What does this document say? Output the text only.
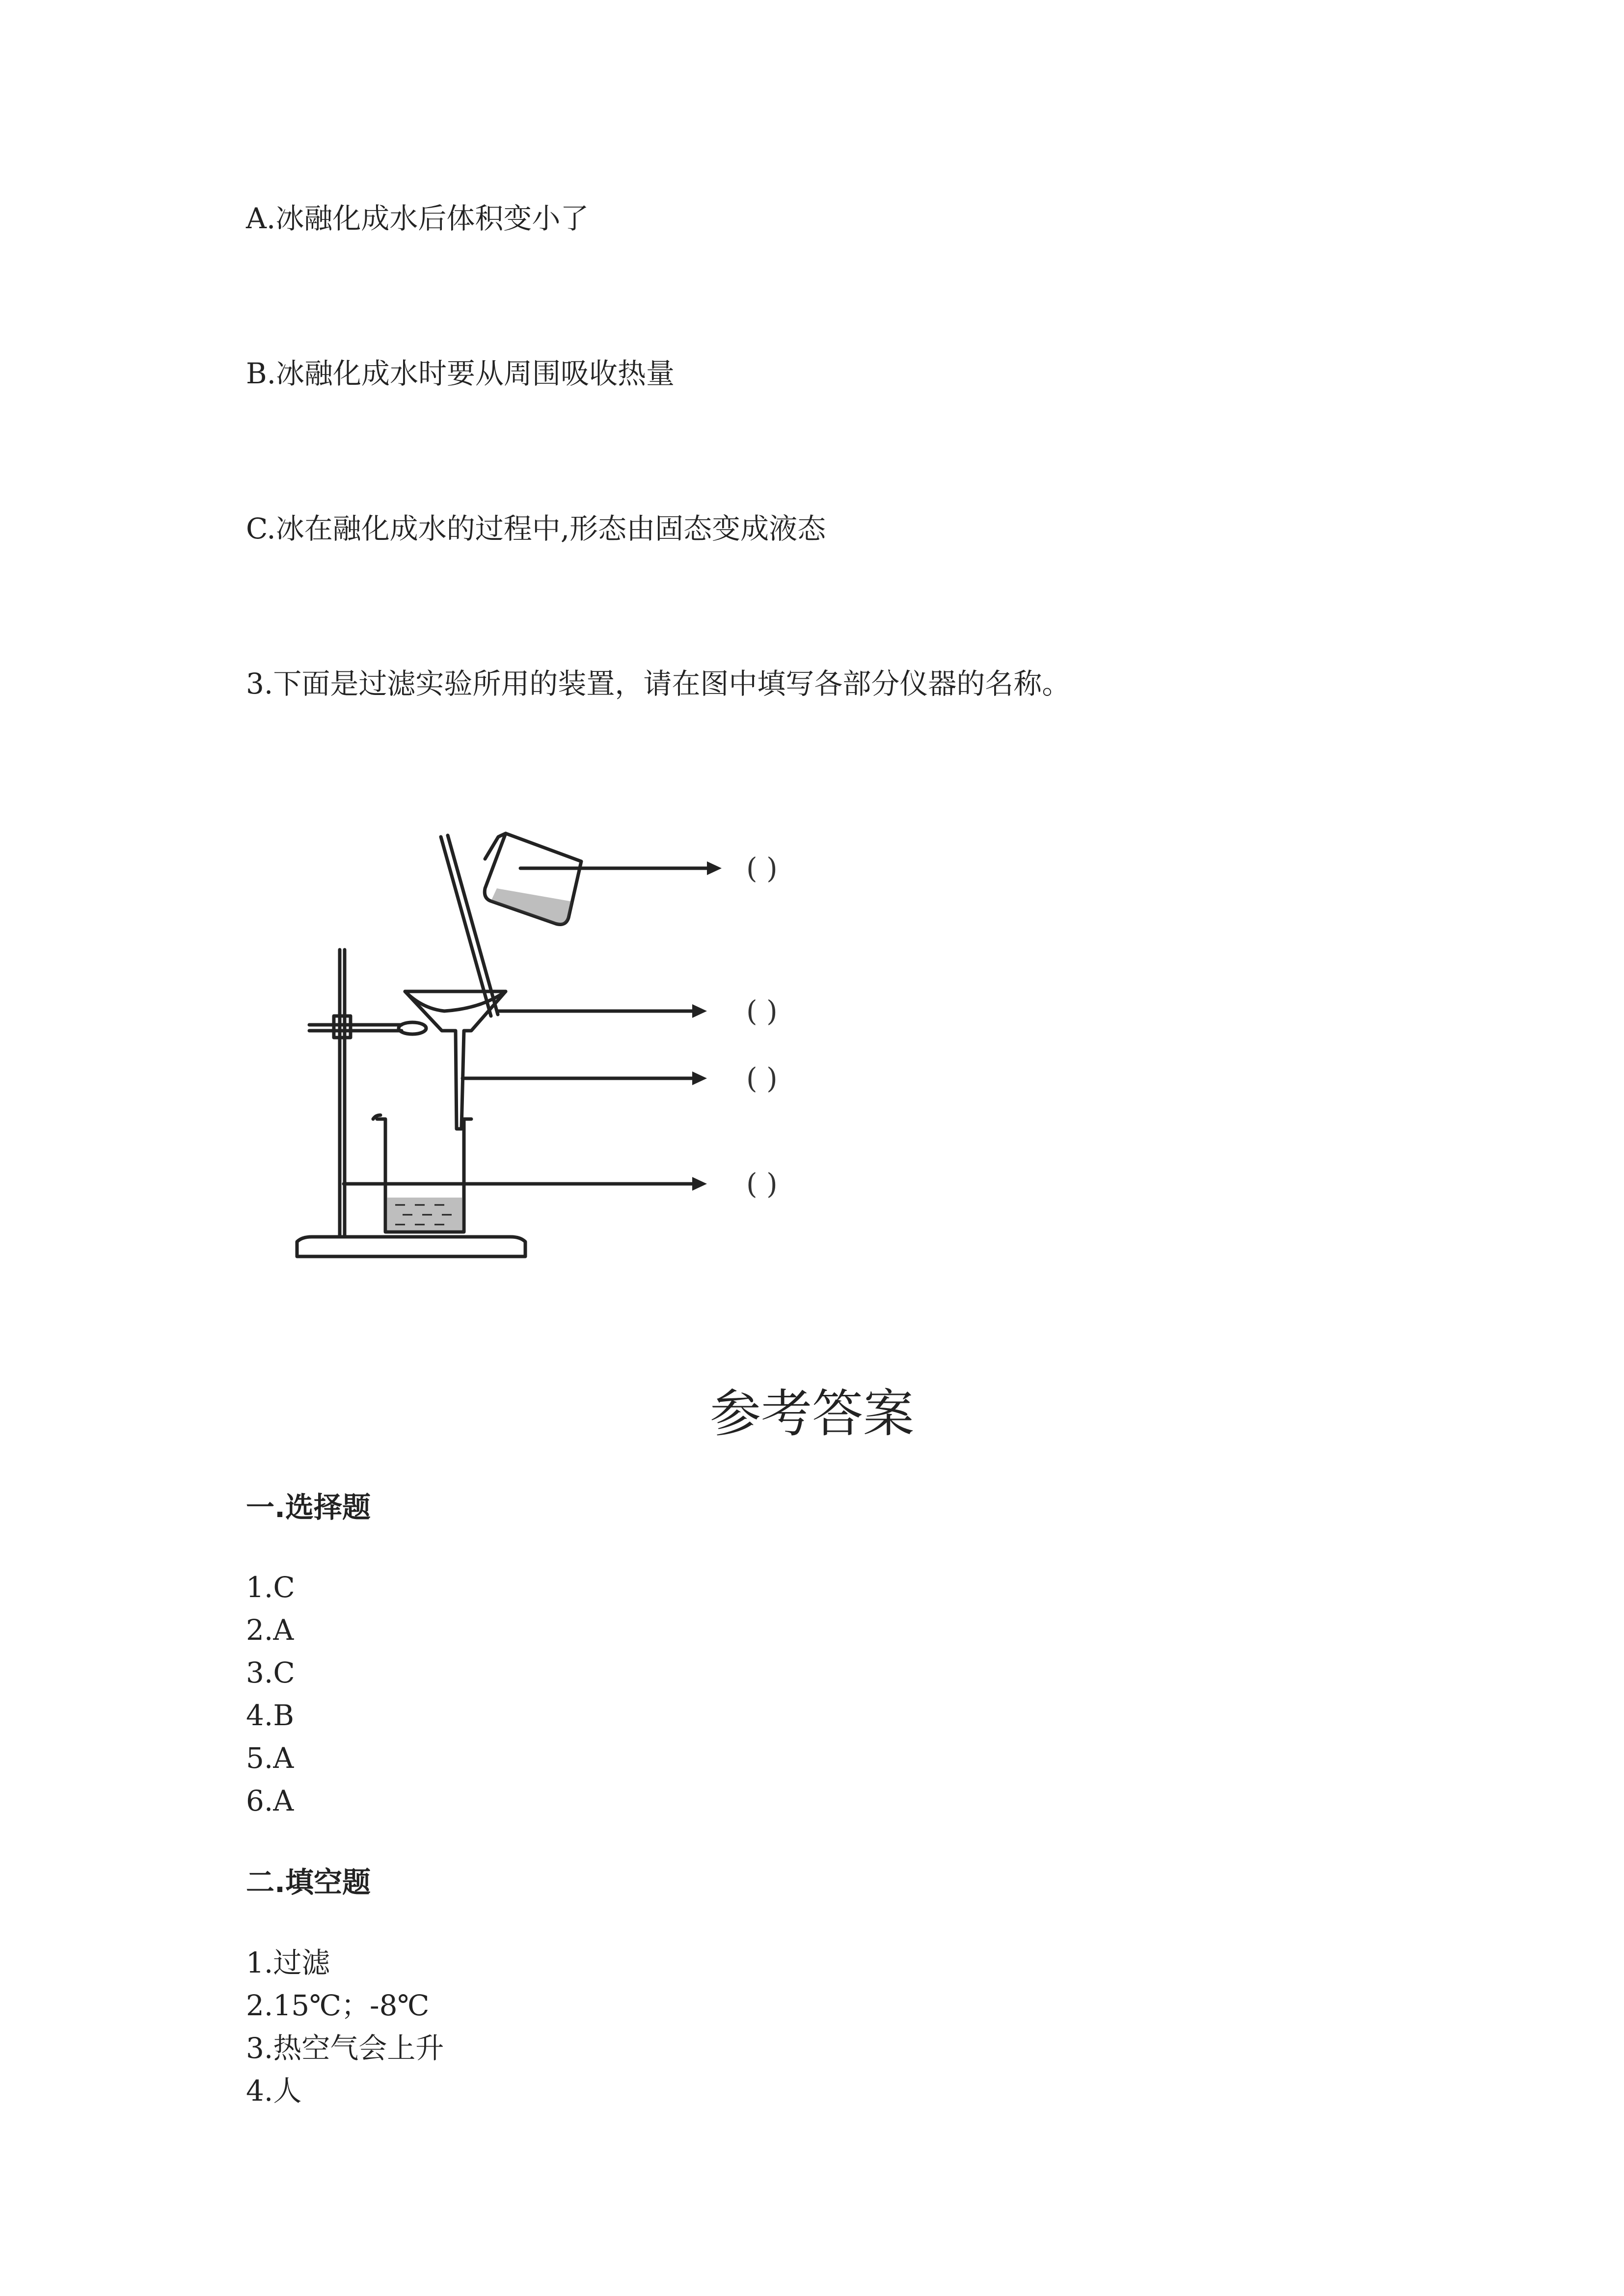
A.冰融化成水后体积变小了
B.冰融化成水时要从周围吸收热量
C.冰在融化成水的过程中,形态由固态变成液态
3.下面是过滤实验所用的装置，请在图中填写各部分仪器的名称。
( )
( )
( )
( )
参考答案
一.选择题
1.C
2.A
3.C
4.B
5.A
6.A
二.填空题
1.过滤
2.15℃；-8℃
3.热空气会上升
4.人
